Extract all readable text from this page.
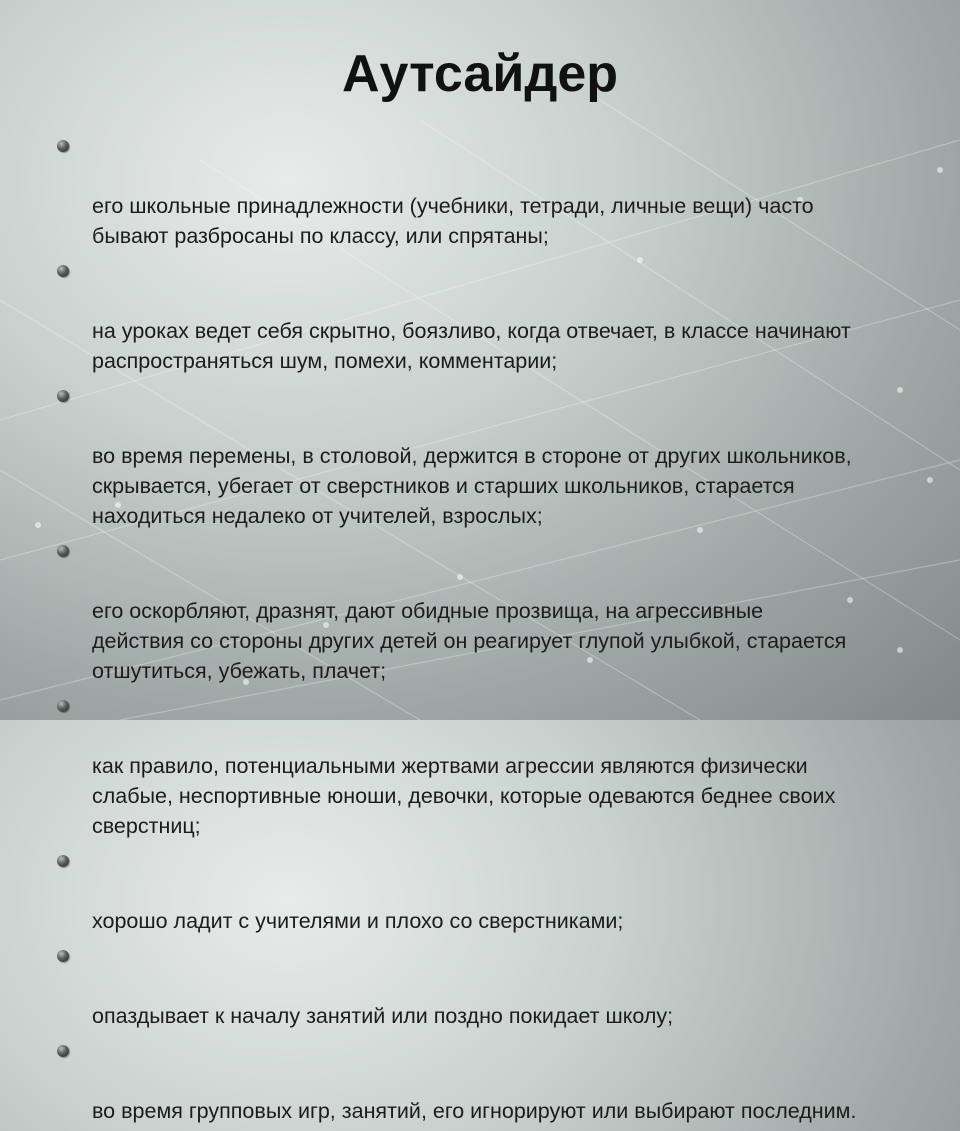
Аутсайдер

его школьные принадлежности (учебники, тетради, личные вещи) часто
бывают разбросаны по классу, или спрятаны;

на уроках ведет себя скрытно, боязливо, когда отвечает, в классе начинают
распространяться шум, помехи, комментарии;

во время перемены, в столовой, держится в стороне от других школьников,
скрывается, убегает от сверстников и старших школьников, старается
находиться недалеко от учителей, взрослых;

его оскорбляют, дразнят, дают обидные прозвища, на агрессивные
действия со стороны других детей он реагирует глупой улыбкой, старается
отшутиться, убежать, плачет;

как правило, потенциальными жертвами агрессии являются физически
слабые, неспортивные юноши, девочки, которые одеваются беднее своих
сверстниц;

хорошо ладит с учителями и плохо со сверстниками;

опаздывает к началу занятий или поздно покидает школу;

во время групповых игр, занятий, его игнорируют или выбирают последним.
